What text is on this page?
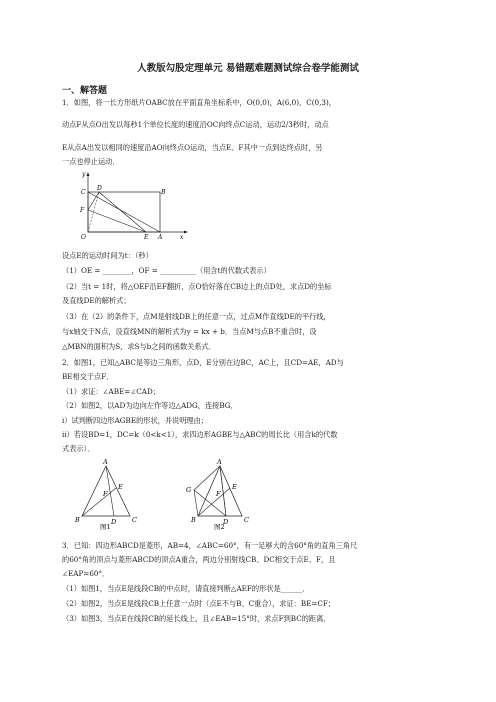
人教版勾股定理单元 易错题难题测试综合卷学能测试
一、解答题
1．如图，将一长方形纸片OABC放在平面直角坐标系中，O(0,0)，A(6,0)，C(0,3)，
动点F从点O出发以每秒1个单位长度的速度沿OC向终点C运动，运动2/3秒时，动点
E从点A出发以相同的速度沿AO向终点O运动，当点E、F其中一点到达终点时，另
一点也停止运动．
y
C
D
B
F
O	E A	x
设点E的运动时间为t：（秒）
（1）OE = ________，OF = __________（用含t的代数式表示）
（2）当t = 1时，将△OEF沿EF翻折，点O恰好落在CB边上的点D处，求点D的坐标
及直线DE的解析式；
（3）在（2）的条件下，点M是射线DB上的任意一点，过点M作直线DE的平行线，
与x轴交于N点，设直线MN的解析式为y = kx + b．当点M与点B不重合时，设
△MBN的面积为S，求S与b之间的函数关系式．
2．如图1，已知△ABC是等边三角形，点D，E分别在边BC，AC上，且CD=AE，AD与
BE相交于点F．
（1）求证：∠ABE=∠CAD；
（2）如图2，以AD为边向左作等边△ADG，连接BG．
ⅰ）试判断四边形AGBE的形状，并说明理由；
ⅱ）若设BD=1，DC=k（0<k<1），求四边形AGBE与△ABC的周长比（用含k的代数
式表示）．
A
E
F
B	D C
图1
A
G	E
F
B	D C
图2
3．已知：四边形ABCD是菱形，AB=4，∠ABC=60°，有一足够大的含60°角的直角三角尺
的60°角的顶点与菱形ABCD的顶点A重合，两边分别射线CB、DC相交于点E、F，且
∠EAP=60°．
（1）如图1，当点E是线段CB的中点时，请直接判断△AEF的形状是______．
（2）如图2，当点E是线段CB上任意一点时（点E不与B、C重合），求证：BE=CF；
（3）如图3，当点E在线段CB的延长线上，且∠EAB=15°时，求点F到BC的距离．
